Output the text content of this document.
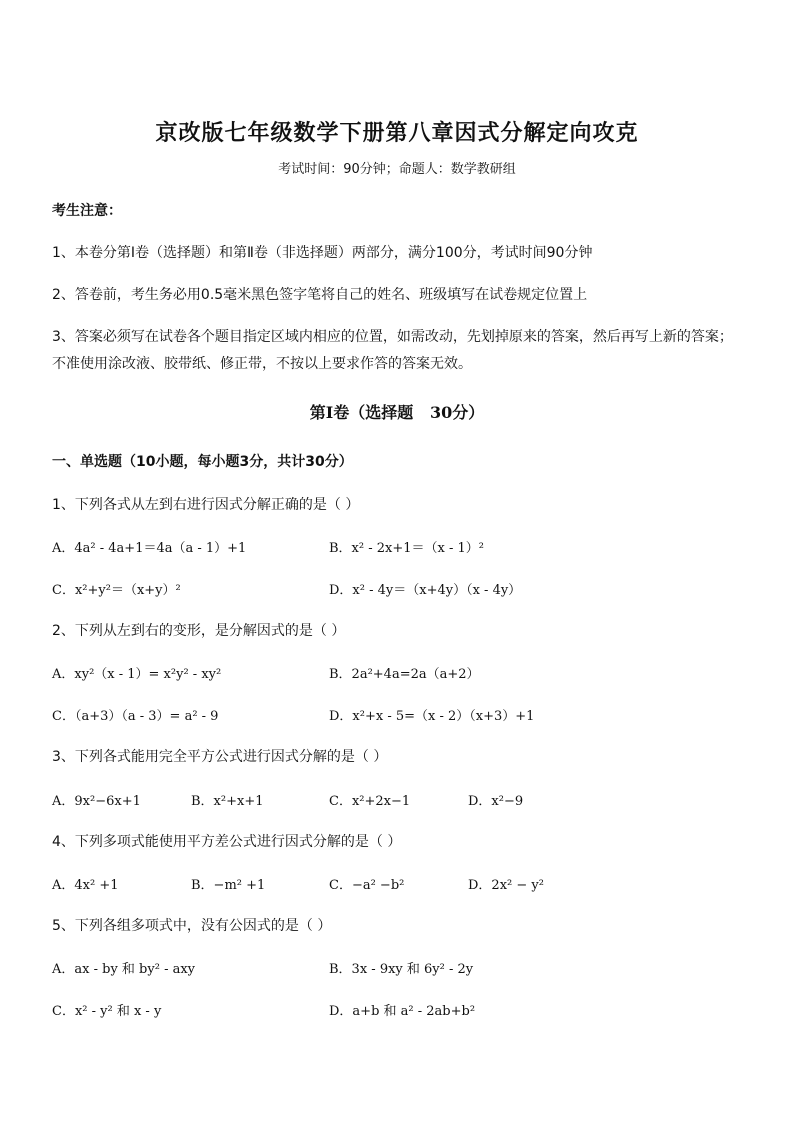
京改版七年级数学下册第八章因式分解定向攻克
考试时间：90分钟；命题人：数学教研组
考生注意：
1、本卷分第Ⅰ卷（选择题）和第Ⅱ卷（非选择题）两部分，满分100分，考试时间90分钟
2、答卷前，考生务必用0.5毫米黑色签字笔将自己的姓名、班级填写在试卷规定位置上
3、答案必须写在试卷各个题目指定区域内相应的位置，如需改动，先划掉原来的答案，然后再写上新的答案；不准使用涂改液、胶带纸、修正带，不按以上要求作答的答案无效。
第Ⅰ卷（选择题   30分）
一、单选题（10小题，每小题3分，共计30分）
1、下列各式从左到右进行因式分解正确的是（ ）
A．4a² - 4a+1＝4a（a - 1）+1	B．x² - 2x+1＝（x - 1）²
C．x²+y²＝（x+y）²	D．x² - 4y＝（x+4y）（x - 4y）
2、下列从左到右的变形，是分解因式的是（ ）
A．xy²（x - 1）= x²y² - xy²	B．2a²+4a=2a（a+2）
C．（a+3）（a - 3）= a² - 9	D．x²+x - 5=（x - 2）（x+3）+1
3、下列各式能用完全平方公式进行因式分解的是（ ）
A．9x²−6x+1	B．x²+x+1	C．x²+2x−1	D．x²−9
4、下列多项式能使用平方差公式进行因式分解的是（ ）
A．4x² +1	B．−m² +1	C．−a² −b²	D．2x² − y²
5、下列各组多项式中，没有公因式的是（ ）
A．ax - by 和 by² - axy	B．3x - 9xy 和 6y² - 2y
C．x² - y² 和 x - y	D．a+b 和 a² - 2ab+b²
